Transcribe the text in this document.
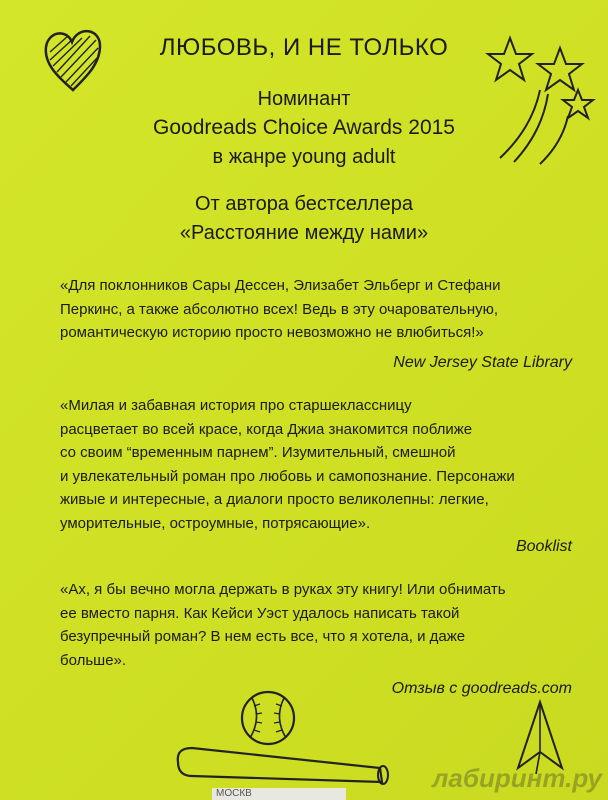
ЛЮБОВЬ, И НЕ ТОЛЬКО
Номинант
Goodreads Choice Awards 2015
в жанре young adult
От автора бестселлера
«Расстояние между нами»
«Для поклонников Сары Дессен, Элизабет Эльберг и Стефани
Перкинс, а также абсолютно всех! Ведь в эту очаровательную,
романтическую историю просто невозможно не влюбиться!»
New Jersey State Library
«Милая и забавная история про старшеклассницу
расцветает во всей красе, когда Джиа знакомится поближе
со своим “временным парнем”. Изумительный, смешной
и увлекательный роман про любовь и самопознание. Персонажи
живые и интересные, а диалоги просто великолепны: легкие,
уморительные, остроумные, потрясающие».
Booklist
«Ах, я бы вечно могла держать в руках эту книгу! Или обнимать
ее вместо парня. Как Кейси Уэст удалось написать такой
безупречный роман? В нем есть все, что я хотела, и даже
больше».
Отзыв с goodreads.com
МОСКВ
лабиринт.ру
